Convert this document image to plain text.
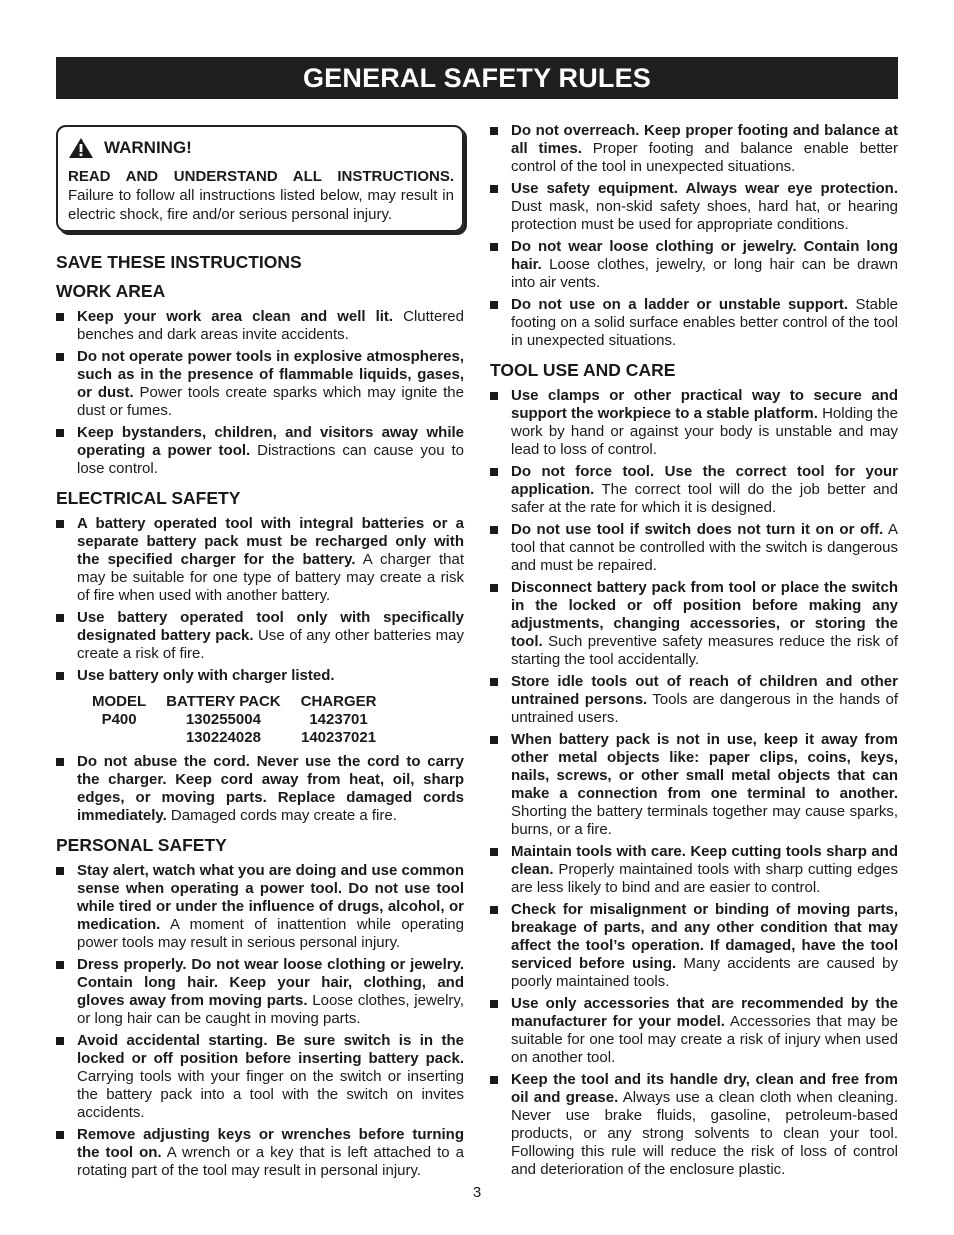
GENERAL SAFETY RULES
WARNING!
READ AND UNDERSTAND ALL INSTRUCTIONS. Failure to follow all instructions listed below, may result in electric shock, fire and/or serious personal injury.
SAVE THESE INSTRUCTIONS
WORK AREA
Keep your work area clean and well lit. Cluttered benches and dark areas invite accidents.
Do not operate power tools in explosive atmospheres, such as in the presence of flammable liquids, gases, or dust. Power tools create sparks which may ignite the dust or fumes.
Keep bystanders, children, and visitors away while operating a power tool. Distractions can cause you to lose control.
ELECTRICAL SAFETY
A battery operated tool with integral batteries or a separate battery pack must be recharged only with the specified charger for the battery. A charger that may be suitable for one type of battery may create a risk of fire when used with another battery.
Use battery operated tool only with specifically designated battery pack. Use of any other batteries may create a risk of fire.
Use battery only with charger listed.
MODEL	BATTERY PACK	CHARGER
P400	130255004	1423701
	130224028	140237021
Do not abuse the cord. Never use the cord to carry the charger. Keep cord away from heat, oil, sharp edges, or moving parts. Replace damaged cords immediately. Damaged cords may create a fire.
PERSONAL SAFETY
Stay alert, watch what you are doing and use common sense when operating a power tool. Do not use tool while tired or under the influence of drugs, alcohol, or medication. A moment of inattention while operating power tools may result in serious personal injury.
Dress properly. Do not wear loose clothing or jewelry. Contain long hair. Keep your hair, clothing, and gloves away from moving parts. Loose clothes, jewelry, or long hair can be caught in moving parts.
Avoid accidental starting. Be sure switch is in the locked or off position before inserting battery pack. Carrying tools with your finger on the switch or inserting the battery pack into a tool with the switch on invites accidents.
Remove adjusting keys or wrenches before turning the tool on. A wrench or a key that is left attached to a rotating part of the tool may result in personal injury.
Do not overreach. Keep proper footing and balance at all times. Proper footing and balance enable better control of the tool in unexpected situations.
Use safety equipment. Always wear eye protection. Dust mask, non-skid safety shoes, hard hat, or hearing protection must be used for appropriate conditions.
Do not wear loose clothing or jewelry. Contain long hair. Loose clothes, jewelry, or long hair can be drawn into air vents.
Do not use on a ladder or unstable support. Stable footing on a solid surface enables better control of the tool in unexpected situations.
TOOL USE AND CARE
Use clamps or other practical way to secure and support the workpiece to a stable platform. Holding the work by hand or against your body is unstable and may lead to loss of control.
Do not force tool. Use the correct tool for your application. The correct tool will do the job better and safer at the rate for which it is designed.
Do not use tool if switch does not turn it on or off. A tool that cannot be controlled with the switch is dangerous and must be repaired.
Disconnect battery pack from tool or place the switch in the locked or off position before making any adjustments, changing accessories, or storing the tool. Such preventive safety measures reduce the risk of starting the tool accidentally.
Store idle tools out of reach of children and other untrained persons. Tools are dangerous in the hands of untrained users.
When battery pack is not in use, keep it away from other metal objects like: paper clips, coins, keys, nails, screws, or other small metal objects that can make a connection from one terminal to another. Shorting the battery terminals together may cause sparks, burns, or a fire.
Maintain tools with care. Keep cutting tools sharp and clean. Properly maintained tools with sharp cutting edges are less likely to bind and are easier to control.
Check for misalignment or binding of moving parts, breakage of parts, and any other condition that may affect the tool’s operation. If damaged, have the tool serviced before using. Many accidents are caused by poorly maintained tools.
Use only accessories that are recommended by the manufacturer for your model. Accessories that may be suitable for one tool may create a risk of injury when used on another tool.
Keep the tool and its handle dry, clean and free from oil and grease. Always use a clean cloth when cleaning. Never use brake fluids, gasoline, petroleum-based products, or any strong solvents to clean your tool. Following this rule will reduce the risk of loss of control and deterioration of the enclosure plastic.
3
